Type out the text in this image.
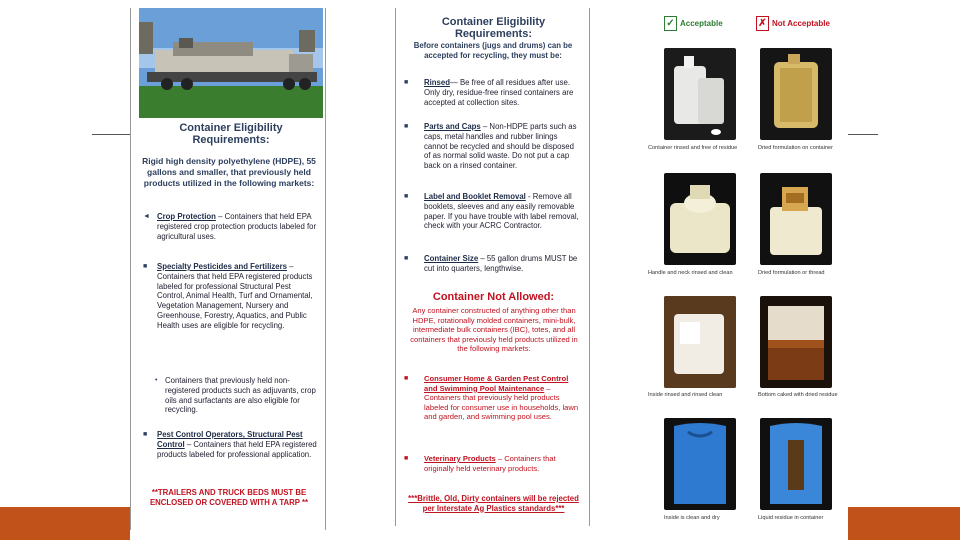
Container Eligibility Requirements:
Rigid high density polyethylene (HDPE), 55 gallons and smaller, that previously held products utilized in the following markets:
◄ Crop Protection – Containers that held EPA registered crop protection products labeled for agricultural uses.
■ Specialty Pesticides and Fertilizers – Containers that held EPA registered products labeled for professional Structural Pest Control, Animal Health, Turf and Ornamental, Vegetation Management, Nursery and Greenhouse, Forestry, Aquatics, and Public Health uses are eligible for recycling.
• Containers that previously held non-registered products such as adjuvants, crop oils and surfactants are also eligible for recycling.
■ Pest Control Operators, Structural Pest Control – Containers that held EPA registered products labeled for professional application.
**TRAILERS AND TRUCK BEDS MUST BE ENCLOSED OR COVERED WITH A TARP **
Container Eligibility Requirements:
Before containers (jugs and drums) can be accepted for recycling, they must be:
■ Rinsed— Be free of all residues after use. Only dry, residue-free rinsed containers are accepted at collection sites.
■ Parts and Caps – Non-HDPE parts such as caps, metal handles and rubber linings cannot be recycled and should be disposed of as normal solid waste. Do not put a cap back on a rinsed container.
■ Label and Booklet Removal - Remove all booklets, sleeves and any easily removable paper. If you have trouble with label removal, check with your ACRC Contractor.
■ Container Size – 55 gallon drums MUST be cut into quarters, lengthwise.
Container Not Allowed:
Any container constructed of anything other than HDPE, rotationally molded containers, mini-bulk, intermediate bulk containers (IBC), totes, and all containers that previously held products utilized in the following markets:
■ Consumer Home & Garden Pest Control and Swimming Pool Maintenance – Containers that previously held products labeled for consumer use in households, lawn and garden, and swimming pool uses.
■ Veterinary Products – Containers that originally held veterinary products.
***Brittle, Old, Dirty containers will be rejected per Interstate Ag Plastics standards***
✓ Acceptable	✗ Not Acceptable
Container rinsed and free of residue	Dried formulation on container
Handle and neck rinsed and clean	Dried formulation or thread
Inside rinsed and rinsed clean	Bottom caked with dried residue
Inside is clean and dry	Liquid residue in container
